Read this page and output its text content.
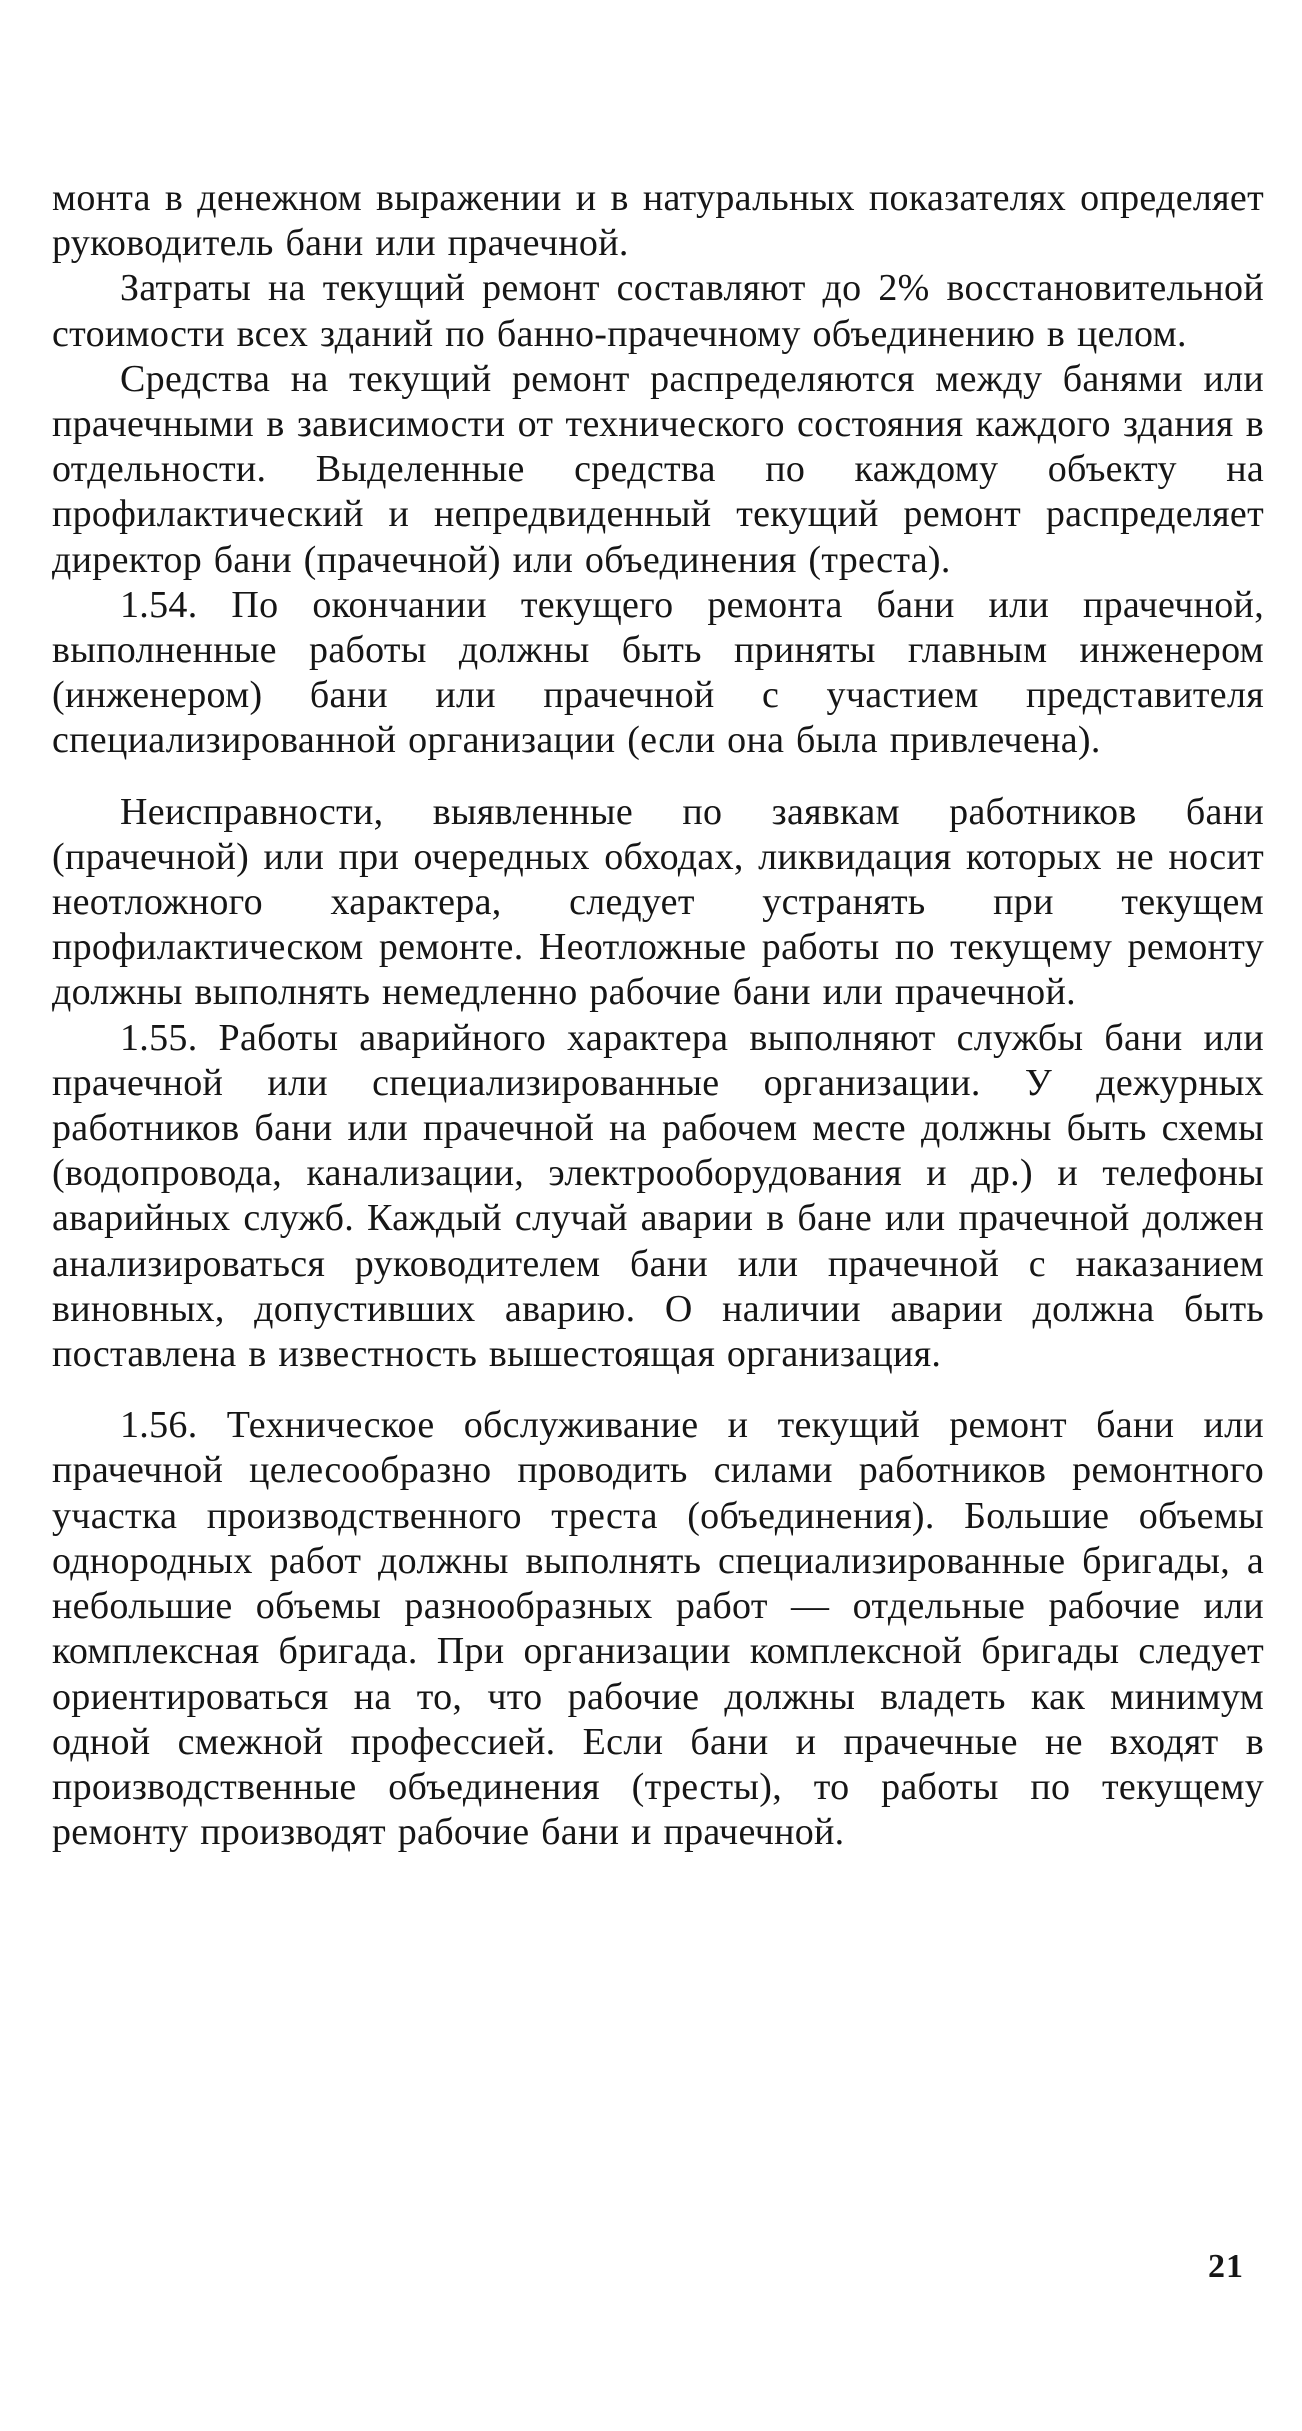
монта в денежном выражении и в натуральных показателях определяет руководитель бани или прачечной.

Затраты на текущий ремонт составляют до 2% восстановительной стоимости всех зданий по банно-прачечному объединению в целом.

Средства на текущий ремонт распределяются между банями или прачечными в зависимости от технического состояния каждого здания в отдельности. Выделенные средства по каждому объекту на профилактический и непредвиденный текущий ремонт распределяет директор бани (прачечной) или объединения (треста).

1.54. По окончании текущего ремонта бани или прачечной, выполненные работы должны быть приняты главным инженером (инженером) бани или прачечной с участием представителя специализированной организации (если она была привлечена).

Неисправности, выявленные по заявкам работников бани (прачечной) или при очередных обходах, ликвидация которых не носит неотложного характера, следует устранять при текущем профилактическом ремонте. Неотложные работы по текущему ремонту должны выполнять немедленно рабочие бани или прачечной.

1.55. Работы аварийного характера выполняют службы бани или прачечной или специализированные организации. У дежурных работников бани или прачечной на рабочем месте должны быть схемы (водопровода, канализации, электрооборудования и др.) и телефоны аварийных служб. Каждый случай аварии в бане или прачечной должен анализироваться руководителем бани или прачечной с наказанием виновных, допустивших аварию. О наличии аварии должна быть поставлена в известность вышестоящая организация.

1.56. Техническое обслуживание и текущий ремонт бани или прачечной целесообразно проводить силами работников ремонтного участка производственного треста (объединения). Большие объемы однородных работ должны выполнять специализированные бригады, а небольшие объемы разнообразных работ — отдельные рабочие или комплексная бригада. При организации комплексной бригады следует ориентироваться на то, что рабочие должны владеть как минимум одной смежной профессией. Если бани и прачечные не входят в производственные объединения (тресты), то работы по текущему ремонту производят рабочие бани и прачечной.

21
